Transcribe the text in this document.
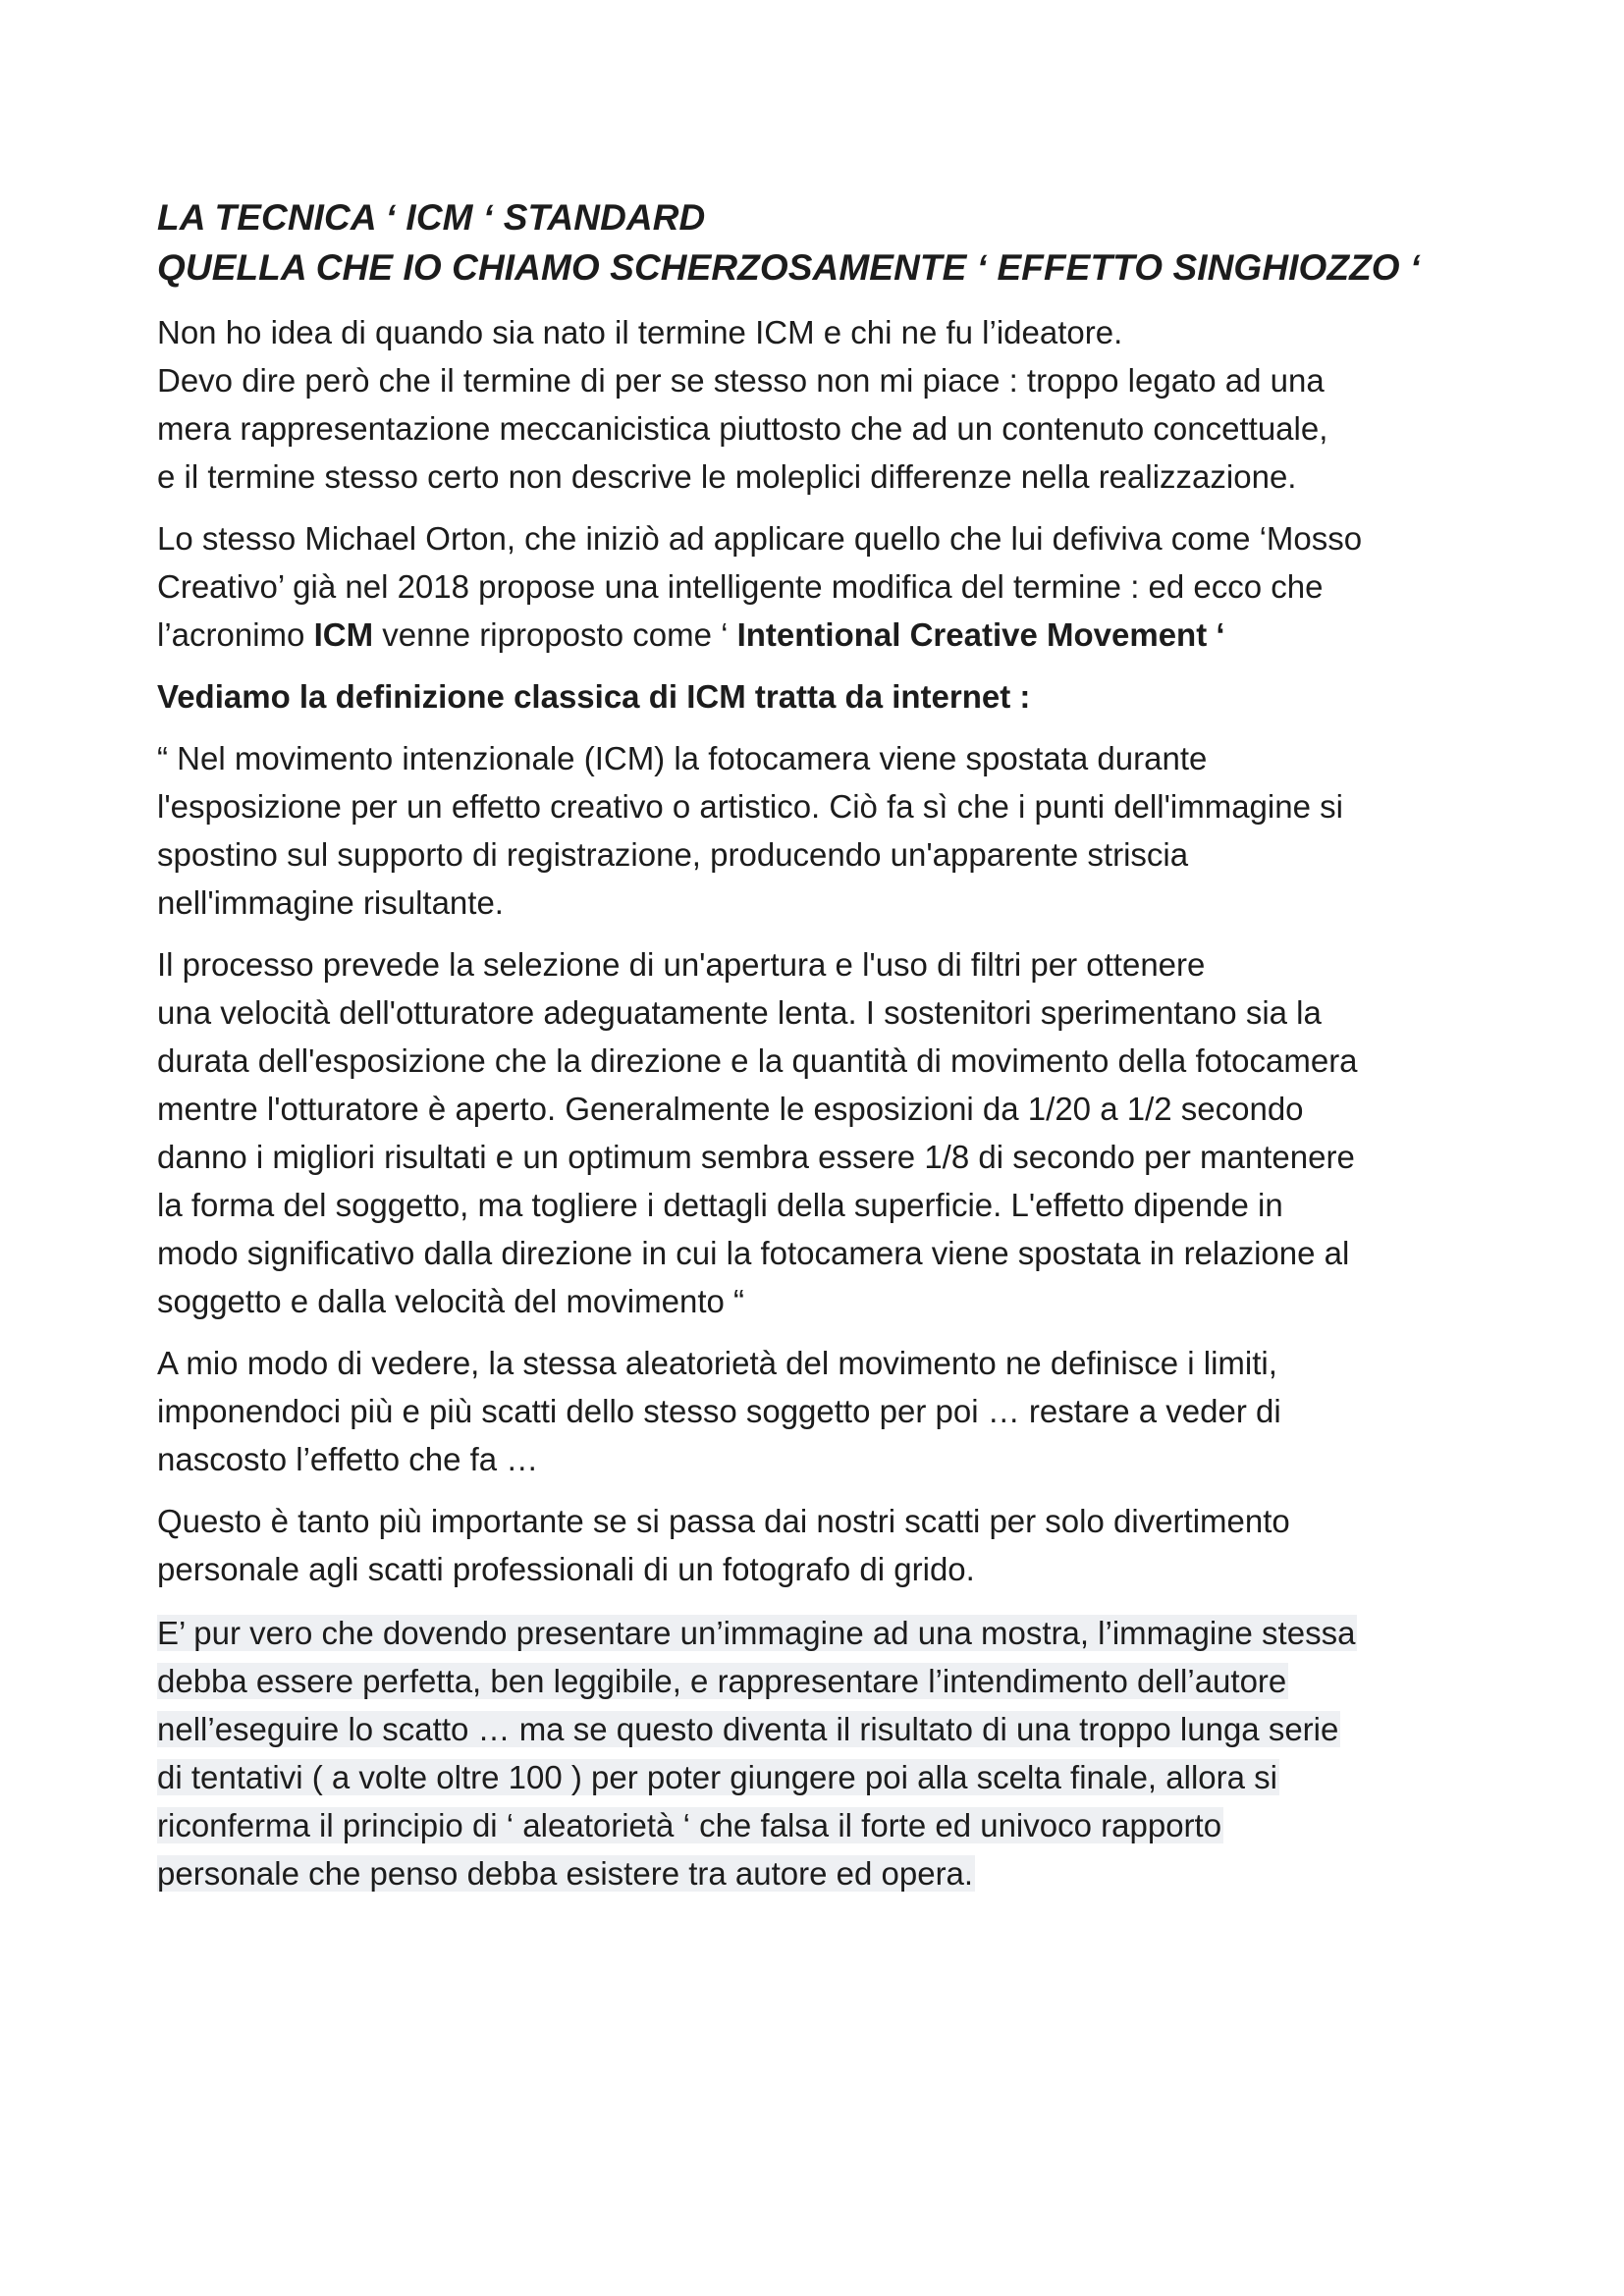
LA TECNICA ‘ ICM ‘ STANDARD
QUELLA CHE IO CHIAMO SCHERZOSAMENTE ‘ EFFETTO SINGHIOZZO ‘

Non ho idea di quando sia nato il termine ICM e chi ne fu l’ideatore.
Devo dire però che il termine di per se stesso non mi piace : troppo legato ad una
mera rappresentazione meccanicistica piuttosto che ad un contenuto concettuale,
e il termine stesso certo non descrive le moleplici differenze nella realizzazione.

Lo stesso Michael Orton, che iniziò ad applicare quello che lui defiviva come ‘Mosso
Creativo’ già nel 2018 propose una intelligente modifica del termine : ed ecco che
l’acronimo ICM venne riproposto come ‘ Intentional Creative Movement ‘

Vediamo la definizione classica di ICM tratta da internet :

“ Nel movimento intenzionale (ICM) la fotocamera viene spostata durante
l'esposizione per un effetto creativo o artistico. Ciò fa sì che i punti dell'immagine si
spostino sul supporto di registrazione, producendo un'apparente striscia
nell'immagine risultante.

Il processo prevede la selezione di un'apertura e l'uso di filtri per ottenere
una velocità dell'otturatore adeguatamente lenta. I sostenitori sperimentano sia la
durata dell'esposizione che la direzione e la quantità di movimento della fotocamera
mentre l'otturatore è aperto. Generalmente le esposizioni da 1/20 a 1/2 secondo
danno i migliori risultati e un optimum sembra essere 1/8 di secondo per mantenere
la forma del soggetto, ma togliere i dettagli della superficie. L'effetto dipende in
modo significativo dalla direzione in cui la fotocamera viene spostata in relazione al
soggetto e dalla velocità del movimento “

A mio modo di vedere, la stessa aleatorietà del movimento ne definisce i limiti,
imponendoci più e più scatti dello stesso soggetto per poi … restare a veder di
nascosto l’effetto che fa …

Questo è tanto più importante se si passa dai nostri scatti per solo divertimento
personale agli scatti professionali di un fotografo di grido.

E’ pur vero che dovendo presentare un’immagine ad una mostra, l’immagine stessa
debba essere perfetta, ben leggibile, e rappresentare l’intendimento dell’autore
nell’eseguire lo scatto … ma se questo diventa il risultato di una troppo lunga serie
di tentativi ( a volte oltre 100 ) per poter giungere poi alla scelta finale, allora si
riconferma il principio di ‘ aleatorietà ‘ che falsa il forte ed univoco rapporto
personale che penso debba esistere tra autore ed opera.
